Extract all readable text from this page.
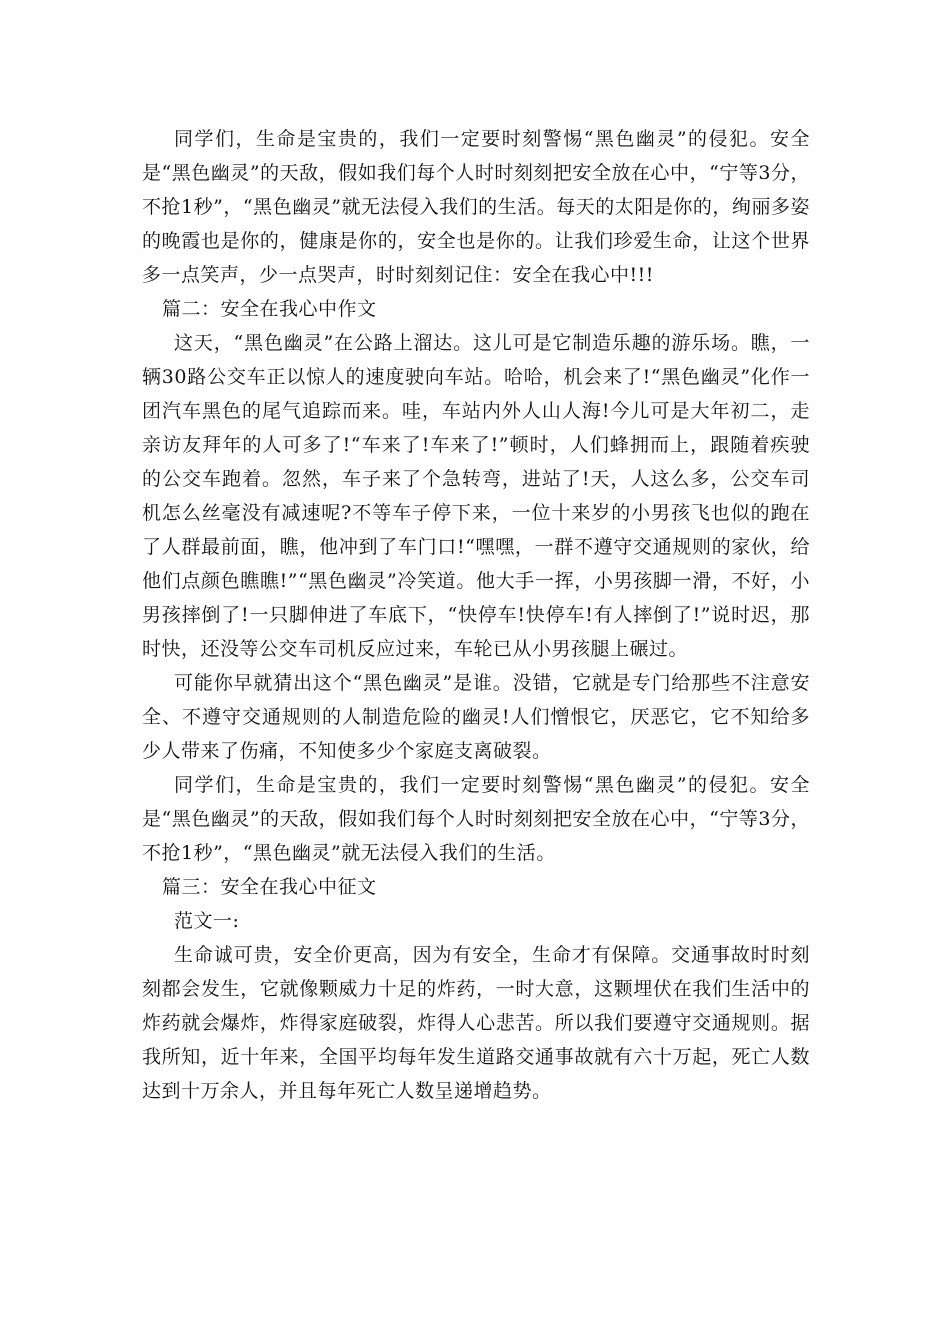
同学们，生命是宝贵的，我们一定要时刻警惕“黑色幽灵”的侵犯。安全是“黑色幽灵”的天敌，假如我们每个人时时刻刻把安全放在心中，“宁等3分，不抢1秒”，“黑色幽灵”就无法侵入我们的生活。每天的太阳是你的，绚丽多姿的晚霞也是你的，健康是你的，安全也是你的。让我们珍爱生命，让这个世界多一点笑声，少一点哭声，时时刻刻记住：安全在我心中!!!

篇二：安全在我心中作文

这天，“黑色幽灵”在公路上溜达。这儿可是它制造乐趣的游乐场。瞧，一辆30路公交车正以惊人的速度驶向车站。哈哈，机会来了!“黑色幽灵”化作一团汽车黑色的尾气追踪而来。哇，车站内外人山人海!今儿可是大年初二，走亲访友拜年的人可多了!“车来了!车来了!”顿时，人们蜂拥而上，跟随着疾驶的公交车跑着。忽然，车子来了个急转弯，进站了!天，人这么多，公交车司机怎么丝毫没有减速呢?不等车子停下来，一位十来岁的小男孩飞也似的跑在了人群最前面，瞧，他冲到了车门口!“嘿嘿，一群不遵守交通规则的家伙，给他们点颜色瞧瞧!”“黑色幽灵”冷笑道。他大手一挥，小男孩脚一滑，不好，小男孩摔倒了!一只脚伸进了车底下，“快停车!快停车!有人摔倒了!”说时迟，那时快，还没等公交车司机反应过来，车轮已从小男孩腿上碾过。

可能你早就猜出这个“黑色幽灵”是谁。没错，它就是专门给那些不注意安全、不遵守交通规则的人制造危险的幽灵!人们憎恨它，厌恶它，它不知给多少人带来了伤痛，不知使多少个家庭支离破裂。

同学们，生命是宝贵的，我们一定要时刻警惕“黑色幽灵”的侵犯。安全是“黑色幽灵”的天敌，假如我们每个人时时刻刻把安全放在心中，“宁等3分，不抢1秒”，“黑色幽灵”就无法侵入我们的生活。

篇三：安全在我心中征文

范文一:

生命诚可贵，安全价更高，因为有安全，生命才有保障。交通事故时时刻刻都会发生，它就像颗威力十足的炸药，一时大意，这颗埋伏在我们生活中的炸药就会爆炸，炸得家庭破裂，炸得人心悲苦。所以我们要遵守交通规则。据我所知，近十年来，全国平均每年发生道路交通事故就有六十万起，死亡人数达到十万余人，并且每年死亡人数呈递增趋势。
